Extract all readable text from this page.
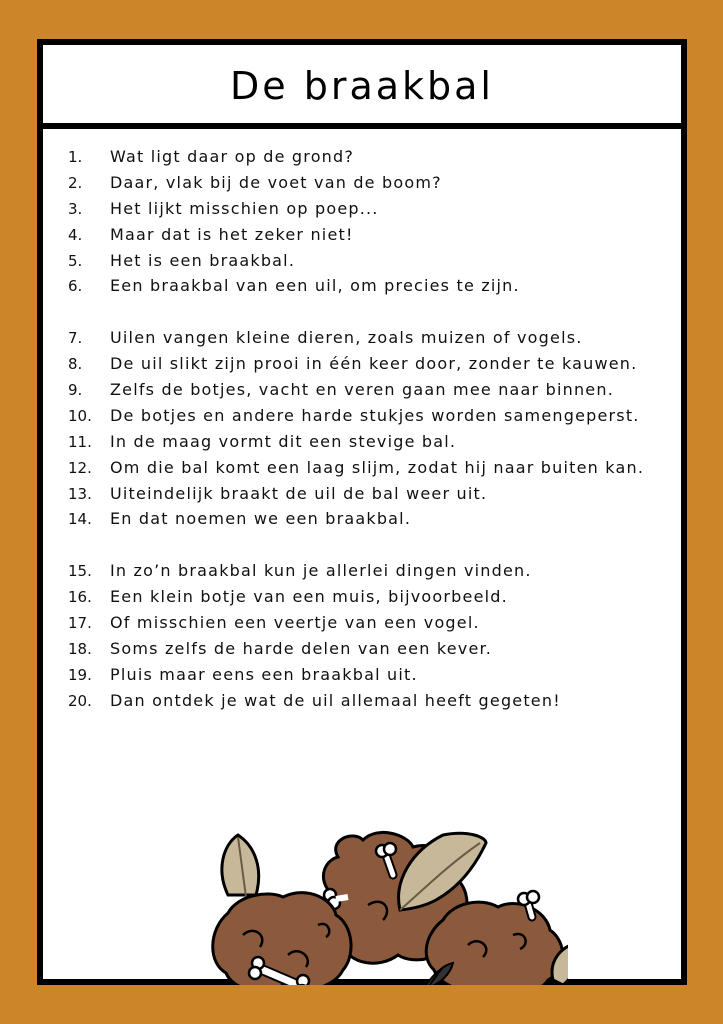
De braakbal
1.	Wat ligt daar op de grond?
2.	Daar, vlak bij de voet van de boom?
3.	Het lijkt misschien op poep...
4.	Maar dat is het zeker niet!
5.	Het is een braakbal.
6.	Een braakbal van een uil, om precies te zijn.
7.	Uilen vangen kleine dieren, zoals muizen of vogels.
8.	De uil slikt zijn prooi in één keer door, zonder te kauwen.
9.	Zelfs de botjes, vacht en veren gaan mee naar binnen.
10.	De botjes en andere harde stukjes worden samengeperst.
11.	In de maag vormt dit een stevige bal.
12.	Om die bal komt een laag slijm, zodat hij naar buiten kan.
13.	Uiteindelijk braakt de uil de bal weer uit.
14.	En dat noemen we een braakbal.
15.	In zo’n braakbal kun je allerlei dingen vinden.
16.	Een klein botje van een muis, bijvoorbeeld.
17.	Of misschien een veertje van een vogel.
18.	Soms zelfs de harde delen van een kever.
19.	Pluis maar eens een braakbal uit.
20.	Dan ontdek je wat de uil allemaal heeft gegeten!
